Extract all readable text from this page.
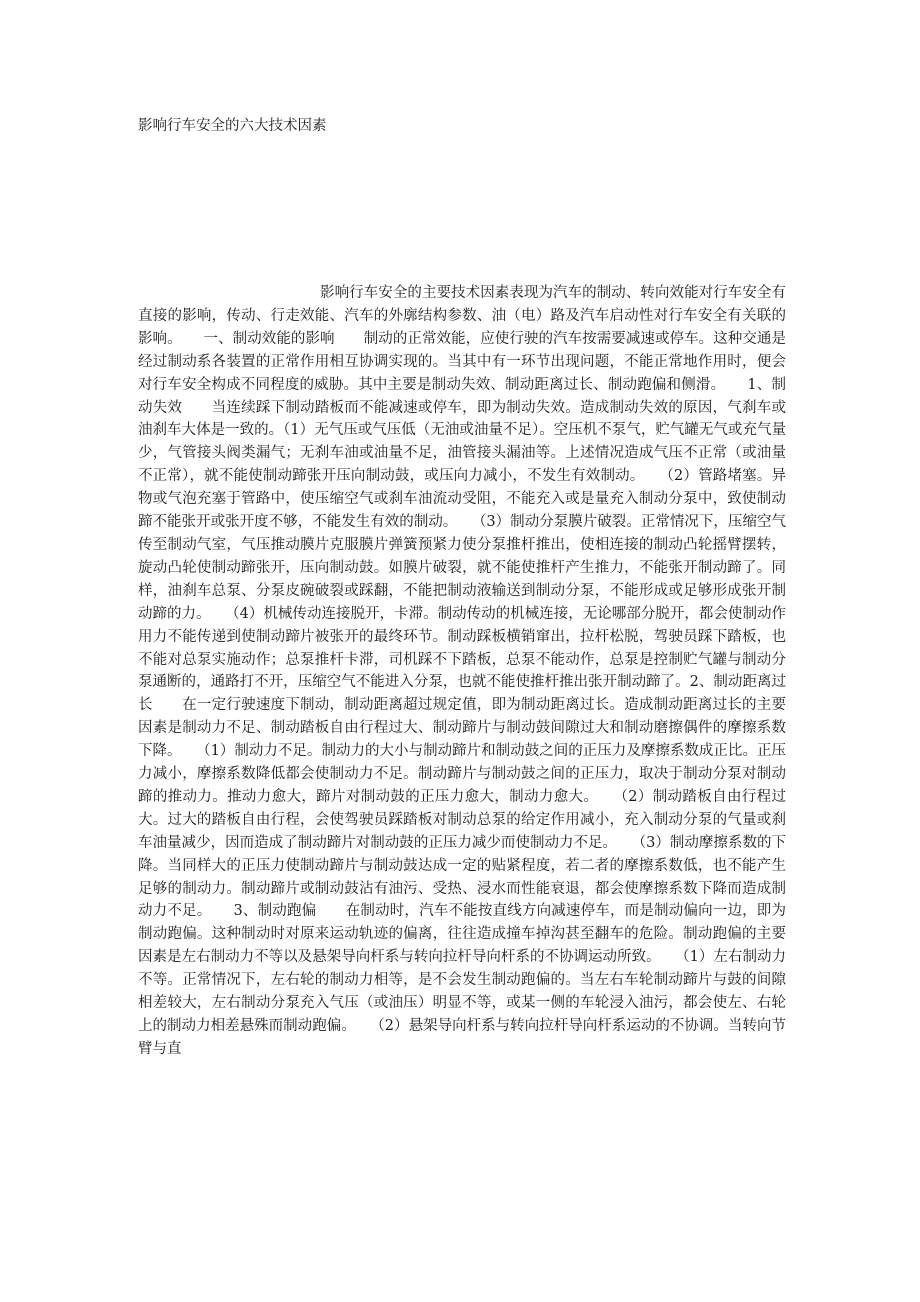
影响行车安全的六大技术因素
影响行车安全的主要技术因素表现为汽车的制动、转向效能对行车安全有直接的影响，传动、行走效能、汽车的外廓结构参数、油（电）路及汽车启动性对行车安全有关联的影响。　　一、制动效能的影响　　制动的正常效能，应使行驶的汽车按需要减速或停车。这种交通是经过制动系各装置的正常作用相互协调实现的。当其中有一环节出现问题，不能正常地作用时，便会对行车安全构成不同程度的威胁。其中主要是制动失效、制动距离过长、制动跑偏和侧滑。　　1、制动失效　　当连续踩下制动踏板而不能减速或停车，即为制动失效。造成制动失效的原因，气刹车或油刹车大体是一致的。（1）无气压或气压低（无油或油量不足）。空压机不泵气，贮气罐无气或充气量少，气管接头阀类漏气；无刹车油或油量不足，油管接头漏油等。上述情况造成气压不正常（或油量不正常），就不能使制动蹄张开压向制动鼓，或压向力减小，不发生有效制动。　　（2）管路堵塞。异物或气泡充塞于管路中，使压缩空气或刹车油流动受阻，不能充入或是量充入制动分泵中，致使制动蹄不能张开或张开度不够，不能发生有效的制动。　　（3）制动分泵膜片破裂。正常情况下，压缩空气传至制动气室，气压推动膜片克服膜片弹簧预紧力使分泵推杆推出，使相连接的制动凸轮摇臂摆转，旋动凸轮使制动蹄张开，压向制动鼓。如膜片破裂，就不能使推杆产生推力，不能张开制动蹄了。同样，油刹车总泵、分泵皮碗破裂或踩翻，不能把制动液输送到制动分泵，不能形成或足够形成张开制动蹄的力。　　（4）机械传动连接脱开，卡滞。制动传动的机械连接，无论哪部分脱开，都会使制动作用力不能传递到使制动蹄片被张开的最终环节。制动踩板横销窜出，拉杆松脱，驾驶员踩下踏板，也不能对总泵实施动作；总泵推杆卡滞，司机踩不下踏板，总泵不能动作，总泵是控制贮气罐与制动分泵通断的，通路打不开，压缩空气不能进入分泵，也就不能使推杆推出张开制动蹄了。2、制动距离过长　　在一定行驶速度下制动，制动距离超过规定值，即为制动距离过长。造成制动距离过长的主要因素是制动力不足、制动踏板自由行程过大、制动蹄片与制动鼓间隙过大和制动磨擦偶件的摩擦系数下降。　　（1）制动力不足。制动力的大小与制动蹄片和制动鼓之间的正压力及摩擦系数成正比。正压力减小，摩擦系数降低都会使制动力不足。制动蹄片与制动鼓之间的正压力，取决于制动分泵对制动蹄的推动力。推动力愈大，蹄片对制动鼓的正压力愈大，制动力愈大。　　（2）制动踏板自由行程过大。过大的踏板自由行程，会使驾驶员踩踏板对制动总泵的给定作用减小，充入制动分泵的气量或刹车油量减少，因而造成了制动蹄片对制动鼓的正压力减少而使制动力不足。　　（3）制动摩擦系数的下降。当同样大的正压力使制动蹄片与制动鼓达成一定的贴紧程度，若二者的摩擦系数低，也不能产生足够的制动力。制动蹄片或制动鼓沾有油污、受热、浸水而性能衰退，都会使摩擦系数下降而造成制动力不足。　　3、制动跑偏　　在制动时，汽车不能按直线方向减速停车，而是制动偏向一边，即为制动跑偏。这种制动时对原来运动轨迹的偏离，往往造成撞车掉沟甚至翻车的危险。制动跑偏的主要因素是左右制动力不等以及悬架导向杆系与转向拉杆导向杆系的不协调运动所致。　　（1）左右制动力不等。正常情况下，左右轮的制动力相等，是不会发生制动跑偏的。当左右车轮制动蹄片与鼓的间隙相差较大，左右制动分泵充入气压（或油压）明显不等，或某一侧的车轮浸入油污，都会使左、右轮上的制动力相差悬殊而制动跑偏。　　（2）悬架导向杆系与转向拉杆导向杆系运动的不协调。当转向节臂与直
